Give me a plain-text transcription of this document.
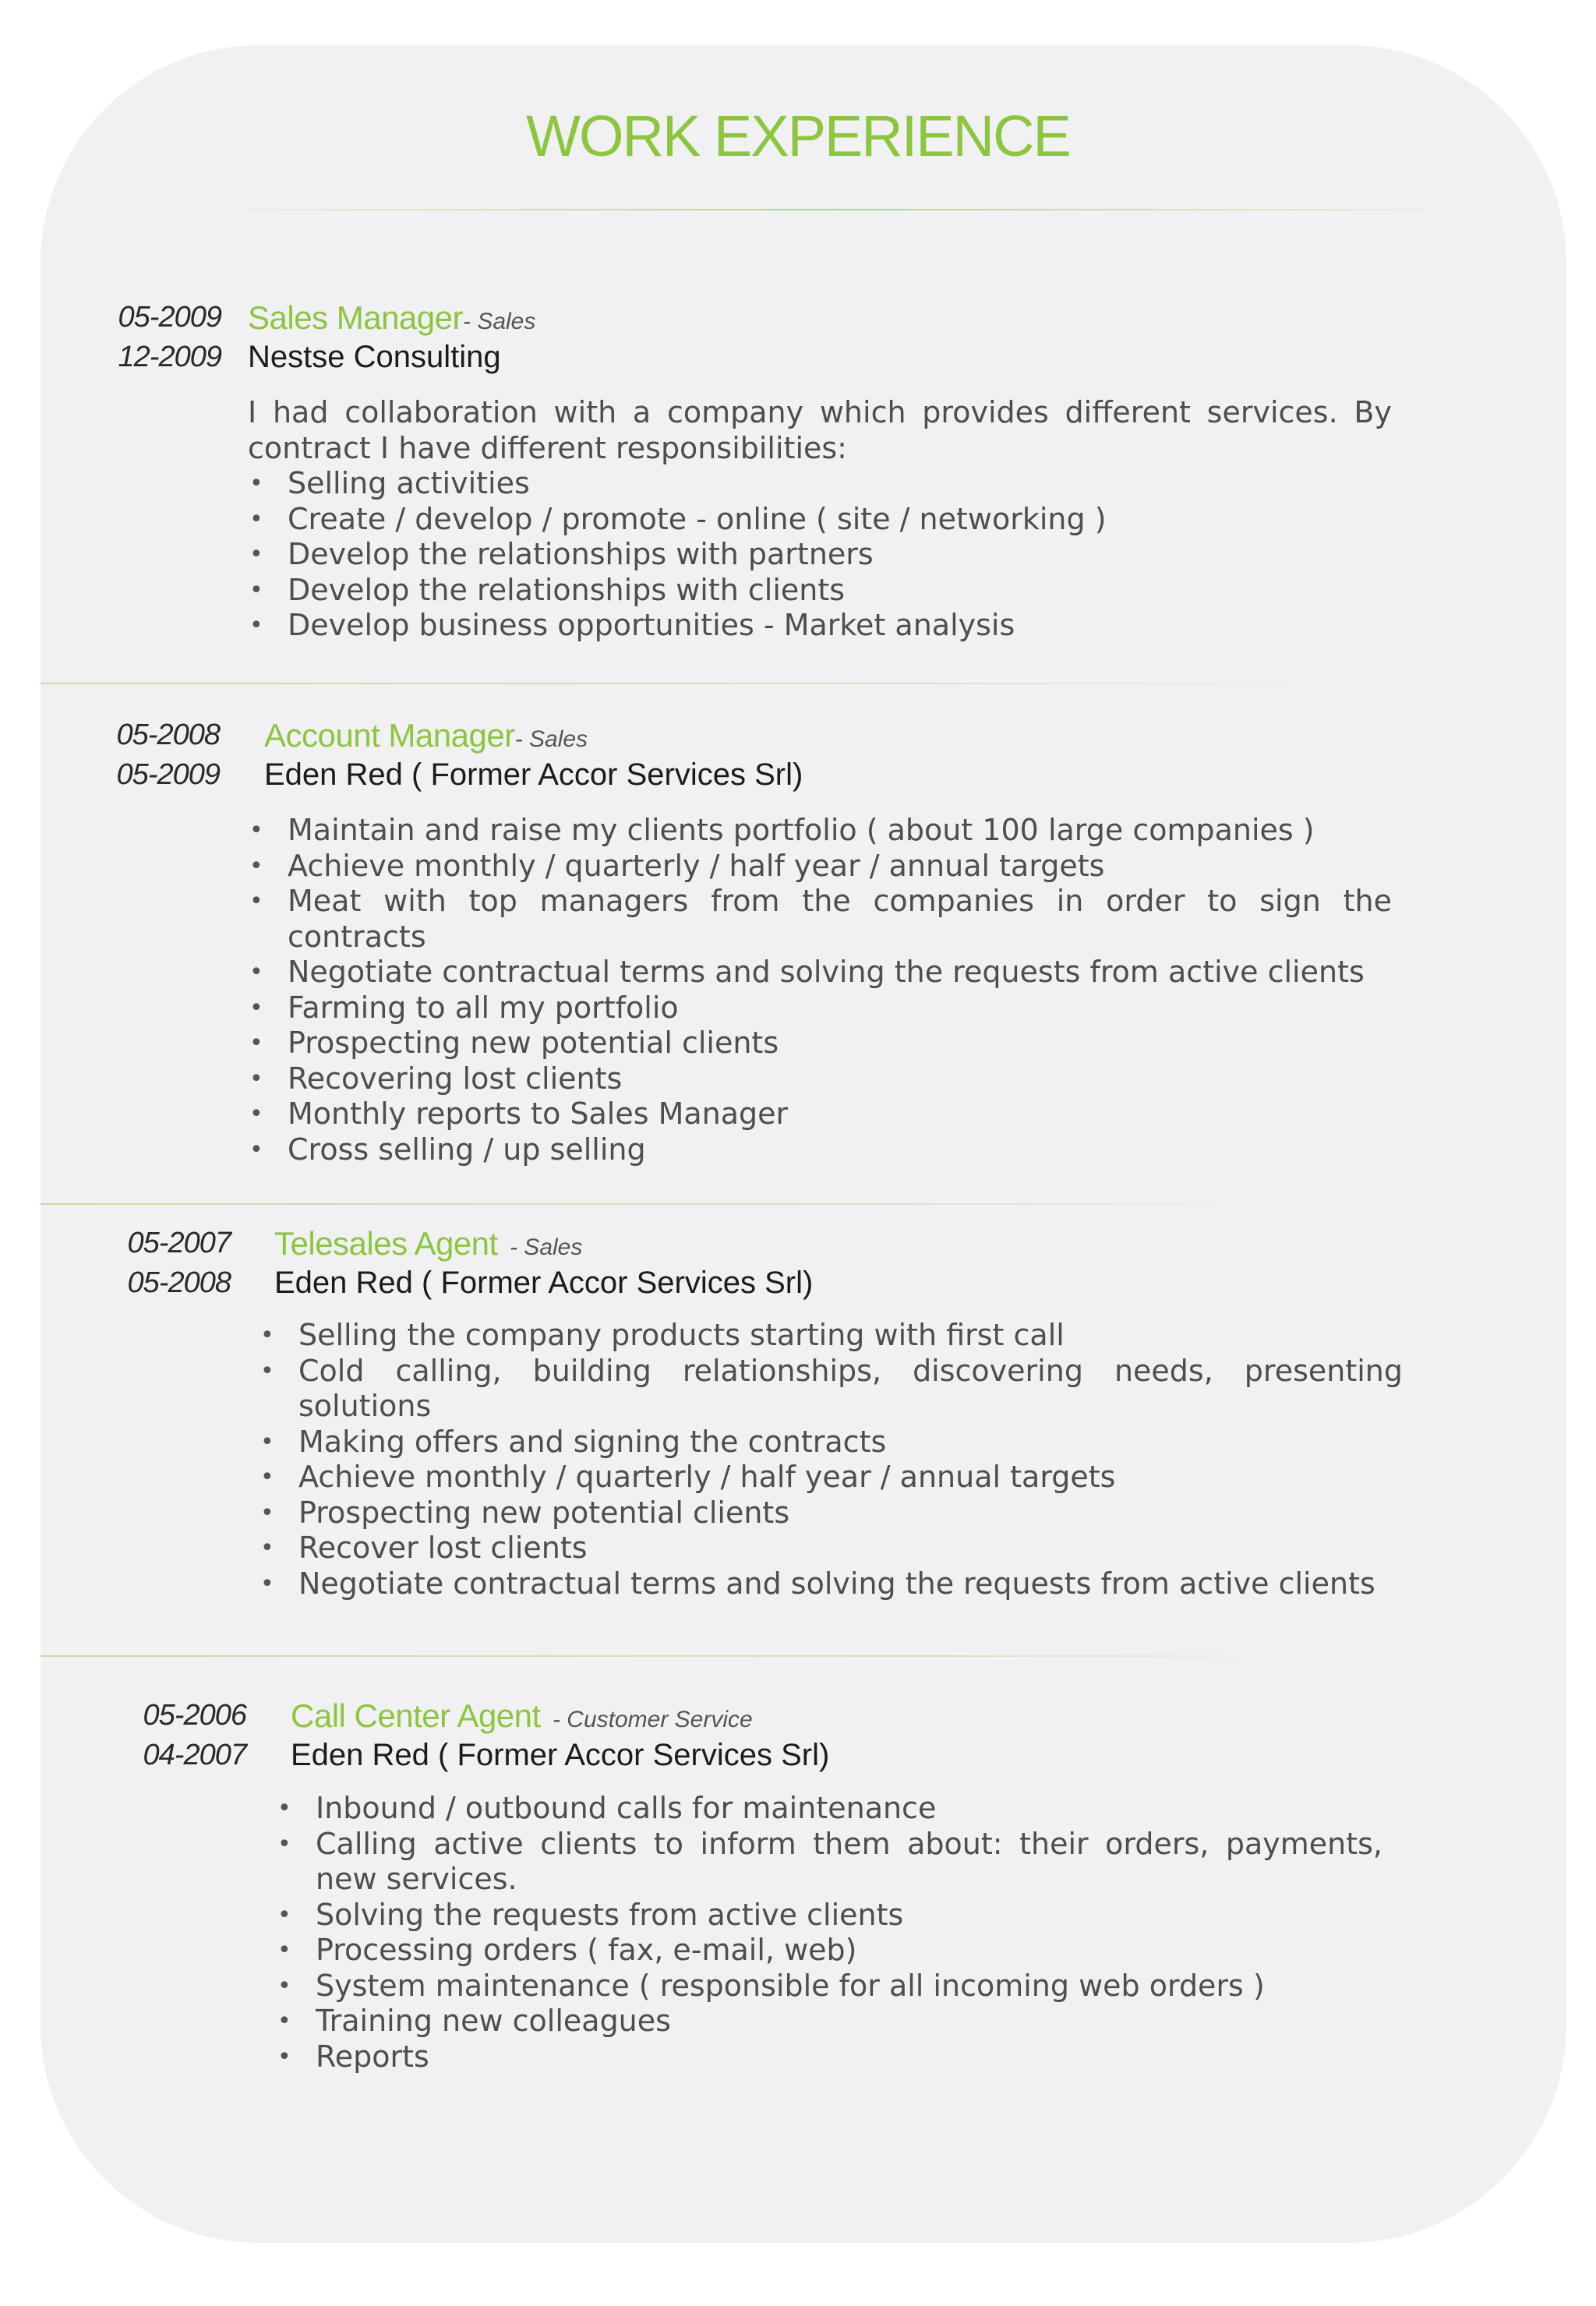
WORK EXPERIENCE
05-2009
12-2009
Sales Manager- Sales
Nestse Consulting

I had collaboration with a company which provides different services. By contract I have different responsibilities:

• Selling activities
• Create / develop / promote - online ( site / networking )
• Develop the relationships with partners
• Develop the relationships with clients
• Develop business opportunities - Market analysis
05-2008
05-2009
Account Manager- Sales
Eden Red ( Former Accor Services Srl)
• Maintain and raise my clients portfolio ( about 100 large companies )
• Achieve monthly / quarterly / half year / annual targets
• Meat with top managers from the companies in order to sign the contracts
• Negotiate contractual terms and solving the requests from active clients
• Farming to all my portfolio
• Prospecting new potential clients
• Recovering lost clients
• Monthly reports to Sales Manager
• Cross selling / up selling
05-2007
05-2008
Telesales Agent - Sales
Eden Red ( Former Accor Services Srl)
• Selling the company products starting with first call
• Cold calling, building relationships, discovering needs, presenting solutions
• Making offers and signing the contracts
• Achieve monthly / quarterly / half year / annual targets
• Prospecting new potential clients
• Recover lost clients
• Negotiate contractual terms and solving the requests from active clients
05-2006
04-2007
Call Center Agent - Customer Service
Eden Red ( Former Accor Services Srl)
• Inbound / outbound calls for maintenance
• Calling active clients to inform them about: their orders, payments, new services.
• Solving the requests from active clients
• Processing orders ( fax, e-mail, web)
• System maintenance ( responsible for all incoming web orders )
• Training new colleagues
• Reports
